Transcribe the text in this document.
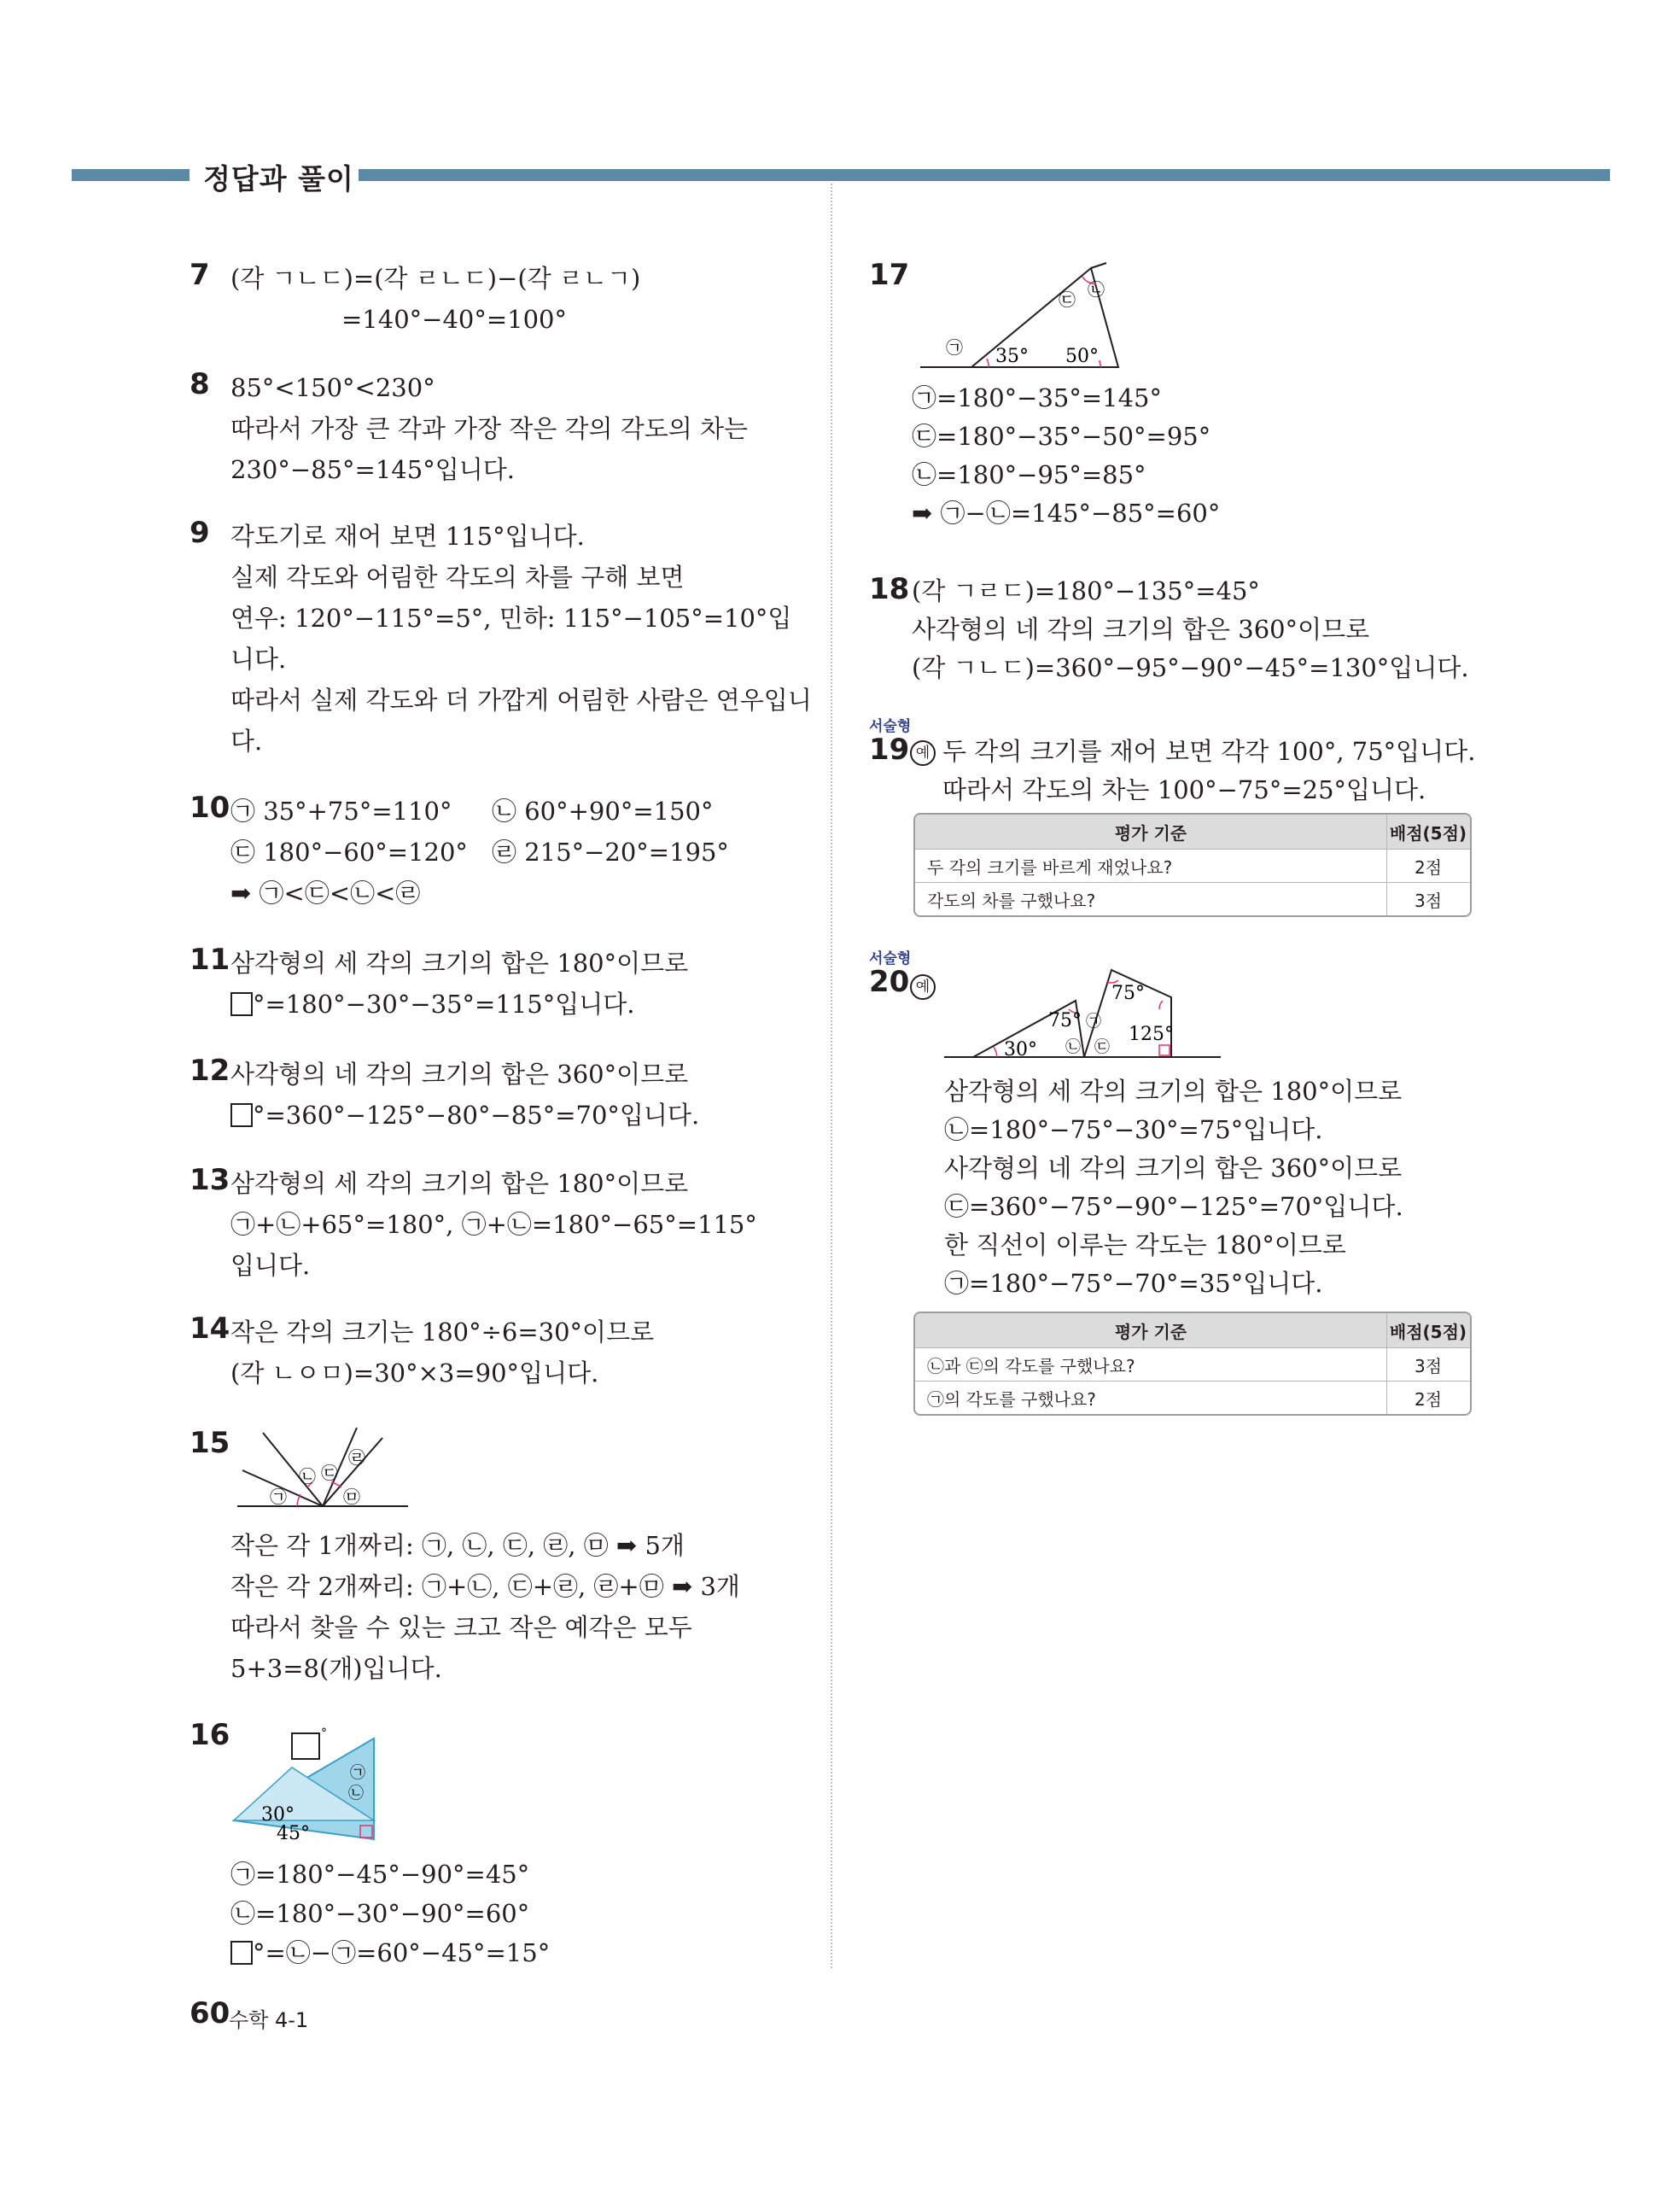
정답과 풀이
7 (각 ㄱㄴㄷ)=(각 ㄹㄴㄷ)−(각 ㄹㄴㄱ)
=140°−40°=100°
8 85°<150°<230°
따라서 가장 큰 각과 가장 작은 각의 각도의 차는
230°−85°=145°입니다.
9 각도기로 재어 보면 115°입니다.
실제 각도와 어림한 각도의 차를 구해 보면
연우: 120°−115°=5°, 민하: 115°−105°=10°입
니다.
따라서 실제 각도와 더 가깝게 어림한 사람은 연우입니
다.
10 ㉠ 35°+75°=110° ㉡ 60°+90°=150°
㉢ 180°−60°=120° ㉣ 215°−20°=195°
➡ ㉠<㉢<㉡<㉣
11 삼각형의 세 각의 크기의 합은 180°이므로
°=180°−30°−35°=115°입니다.
12 사각형의 네 각의 크기의 합은 360°이므로
°=360°−125°−80°−85°=70°입니다.
13 삼각형의 세 각의 크기의 합은 180°이므로
㉠+㉡+65°=180°, ㉠+㉡=180°−65°=115°
입니다.
14 작은 각의 크기는 180°÷6=30°이므로
(각 ㄴㅇㅁ)=30°×3=90°입니다.
15
㉠
㉡ ㉢
㉣
㉤
작은 각 1개짜리: ㉠, ㉡, ㉢, ㉣, ㉤ ➡ 5개
작은 각 2개짜리: ㉠+㉡, ㉢+㉣, ㉣+㉤ ➡ 3개
따라서 찾을 수 있는 크고 작은 예각은 모두
5+3=8(개)입니다.
16	°
30°
45°
㉠
㉡
㉠=180°−45°−90°=45°
㉡=180°−30°−90°=60°
°=㉡−㉠=60°−45°=15°
17
㉠ 35° 50°
㉢ ㉡
㉠=180°−35°=145°
㉢=180°−35°−50°=95°
㉡=180°−95°=85°
➡ ㉠−㉡=145°−85°=60°
18 (각 ㄱㄹㄷ)=180°−135°=45°
사각형의 네 각의 크기의 합은 360°이므로
(각 ㄱㄴㄷ)=360°−95°−90°−45°=130°입니다.
서술형
19 예 두 각의 크기를 재어 보면 각각 100°, 75°입니다.
따라서 각도의 차는 100°−75°=25°입니다.
평가 기준	배점(5점)
두 각의 크기를 바르게 재었나요?	2점
각도의 차를 구했나요?	3점
서술형
20 예
30°
75° ㉠
㉡ ㉢
75°
125°
삼각형의 세 각의 크기의 합은 180°이므로
㉡=180°−75°−30°=75°입니다.
사각형의 네 각의 크기의 합은 360°이므로
㉢=360°−75°−90°−125°=70°입니다.
한 직선이 이루는 각도는 180°이므로
㉠=180°−75°−70°=35°입니다.
평가 기준	배점(5점)
㉡과 ㉢의 각도를 구했나요?	3점
㉠의 각도를 구했나요?	2점
60
수학 4-1
